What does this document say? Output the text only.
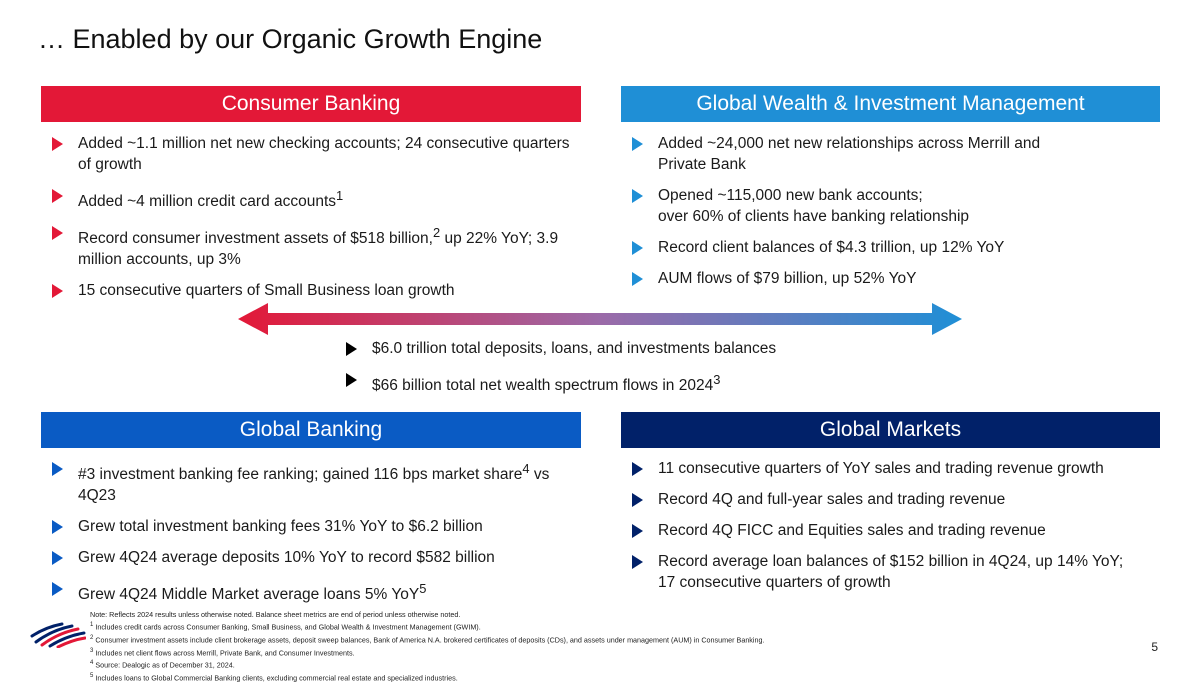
… Enabled by our Organic Growth Engine
Consumer Banking
Added ~1.1 million net new checking accounts; 24 consecutive quarters of growth
Added ~4 million credit card accounts$^1$
Record consumer investment assets of $518 billion,$^2$ up 22% YoY; 3.9 million accounts, up 3%
15 consecutive quarters of Small Business loan growth
Global Wealth & Investment Management
Added ~24,000 net new relationships across Merrill and
Private Bank
Opened ~115,000 new bank accounts;
over 60% of clients have banking relationship
Record client balances of $4.3 trillion, up 12% YoY
AUM flows of $79 billion, up 52% YoY
$6.0 trillion total deposits, loans, and investments balances
$66 billion total net wealth spectrum flows in 2024$^3$
Global Banking
#3 investment banking fee ranking; gained 116 bps market share$^4$ vs 4Q23
Grew total investment banking fees 31% YoY to $6.2 billion
Grew 4Q24 average deposits 10% YoY to record $582 billion
Grew 4Q24 Middle Market average loans 5% YoY$^5$
Global Markets
11 consecutive quarters of YoY sales and trading revenue growth
Record 4Q and full-year sales and trading revenue
Record 4Q FICC and Equities sales and trading revenue
Record average loan balances of $152 billion in 4Q24, up 14% YoY;
17 consecutive quarters of growth
Note: Reflects 2024 results unless otherwise noted. Balance sheet metrics are end of period unless otherwise noted.
$^1$ Includes credit cards across Consumer Banking, Small Business, and Global Wealth & Investment Management (GWIM).
$^2$ Consumer investment assets include client brokerage assets, deposit sweep balances, Bank of America N.A. brokered certificates of deposits (CDs), and assets under management (AUM) in Consumer Banking.
$^3$ Includes net client flows across Merrill, Private Bank, and Consumer Investments.
$^4$ Source: Dealogic as of December 31, 2024.
$^5$ Includes loans to Global Commercial Banking clients, excluding commercial real estate and specialized industries.
5
